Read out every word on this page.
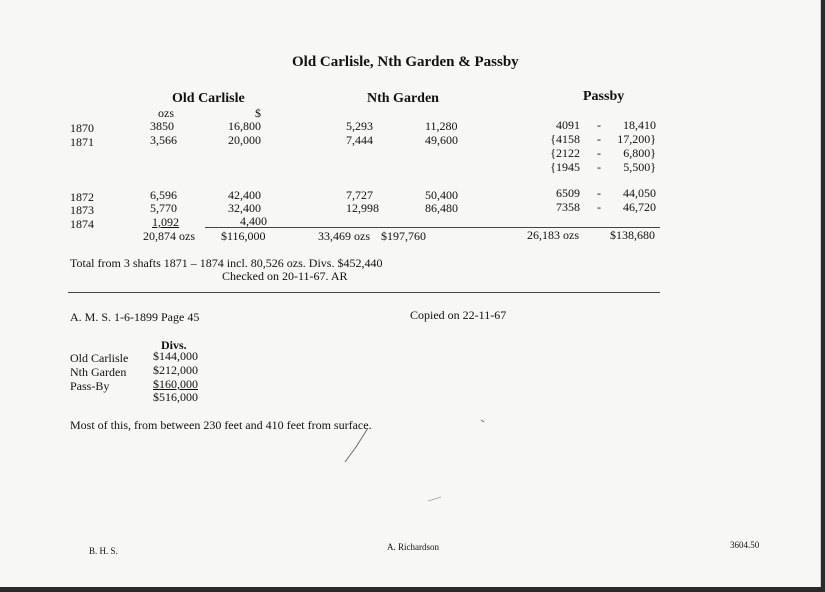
Old Carlisle, Nth Garden & Passby
Old Carlisle	Nth Garden	Passby
ozs	$
1870	3850	16,800	5,293	11,280	4091 -	18,410
1871	3,566	20,000	7,444	49,600	{4158 -	17,200}
{2122 -	6,800}
{1945 -	5,500}
1872	6,596	42,400	7,727	50,400	6509 -	44,050
1873	5,770	32,400	12,998	86,480	7358 -	46,720
1874	1,092	4,400
20,874 ozs $116,000	33,469 ozs $197,760	26,183 ozs	$138,680
Total from 3 shafts 1871 – 1874 incl. 80,526 ozs. Divs. $452,440
Checked on 20-11-67. AR
A. M. S. 1-6-1899 Page 45	Copied on 22-11-67
Divs.
Old Carlisle $144,000
Nth Garden $212,000
Pass-By	$160,000
$516,000
Most of this, from between 230 feet and 410 feet from surface.
B. H. S.	A. Richardson	3604.50
